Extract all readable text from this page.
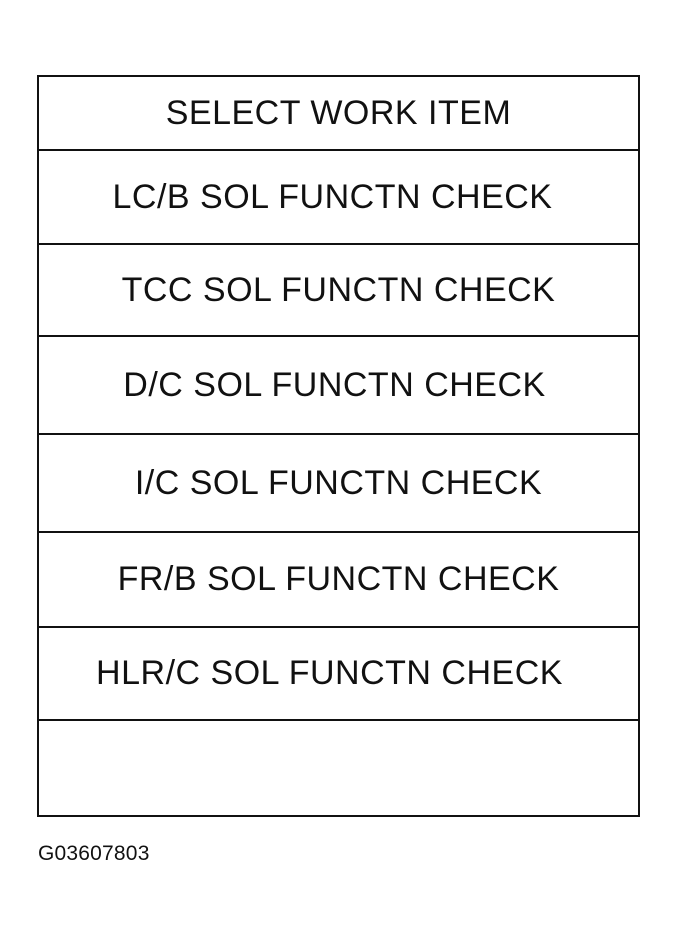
SELECT WORK ITEM
LC/B SOL FUNCTN CHECK
TCC SOL FUNCTN CHECK
D/C SOL FUNCTN CHECK
I/C SOL FUNCTN CHECK
FR/B SOL FUNCTN CHECK
HLR/C SOL FUNCTN CHECK
G03607803
